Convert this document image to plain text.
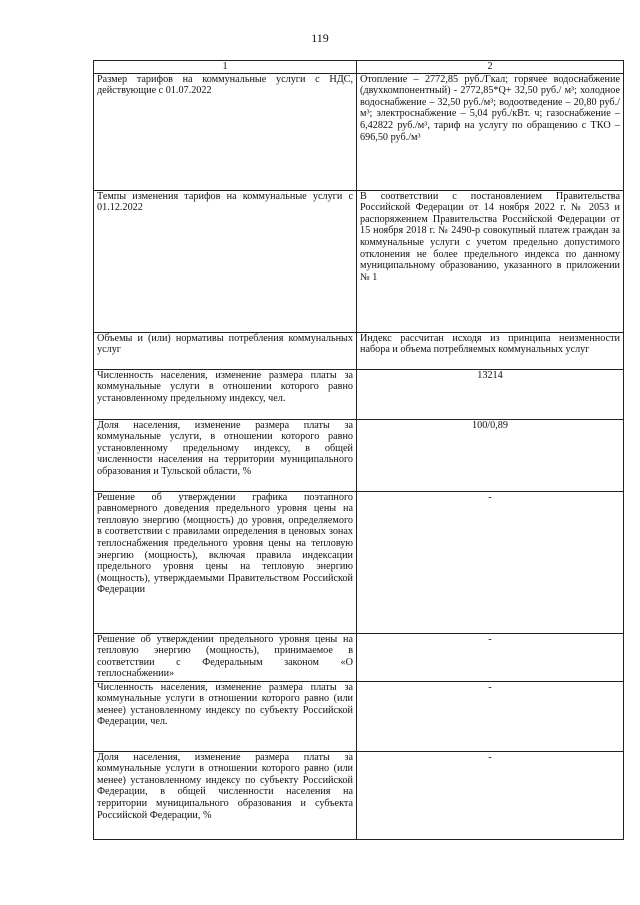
119
1	2
Размер тарифов на коммунальные услуги с НДС, действующие с 01.07.2022	Отопление – 2772,85 руб./Гкал; горячее водоснабжение (двухкомпонентный) - 2772,85*Q+ 32,50 руб./ м³; холодное водоснабжение – 32,50 руб./м³; водоотведение – 20,80 руб./м³; электроснабжение – 5,04 руб./кВт. ч; газоснабжение – 6,42822 руб./м³, тариф на услугу по обращению с ТКО – 696,50 руб./м³
Темпы изменения тарифов на коммунальные услуги с 01.12.2022	В соответствии с постановлением Правительства Российской Федерации от 14 ноября 2022 г. № 2053 и распоряжением Правительства Российской Федерации от 15 ноября 2018 г. № 2490-р совокупный платеж граждан за коммунальные услуги с учетом предельно допустимого отклонения не более предельного индекса по данному муниципальному образованию, указанного в приложении № 1
Объемы и (или) нормативы потребления коммунальных услуг	Индекс рассчитан исходя из принципа неизменности набора и объема потребляемых коммунальных услуг
Численность населения, изменение размера платы за коммунальные услуги в отношении которого равно установленному предельному индексу, чел.	13214
Доля населения, изменение размера платы за коммунальные услуги, в отношении которого равно установленному предельному индексу, в общей численности населения на территории муниципального образования и Тульской области, %	100/0,89
Решение об утверждении графика поэтапного равномерного доведения предельного уровня цены на тепловую энергию (мощность) до уровня, определяемого в соответствии с правилами определения в ценовых зонах теплоснабжения предельного уровня цены на тепловую энергию (мощность), включая правила индексации предельного уровня цены на тепловую энергию (мощность), утверждаемыми Правительством Российской Федерации	-
Решение об утверждении предельного уровня цены на тепловую энергию (мощность), принимаемое в соответствии с Федеральным законом «О теплоснабжении»	-
Численность населения, изменение размера платы за коммунальные услуги в отношении которого равно (или менее) установленному индексу по субъекту Российской Федерации, чел.	-
Доля населения, изменение размера платы за коммунальные услуги в отношении которого равно (или менее) установленному индексу по субъекту Российской Федерации, в общей численности населения на территории муниципального образования и субъекта Российской Федерации, %	-
